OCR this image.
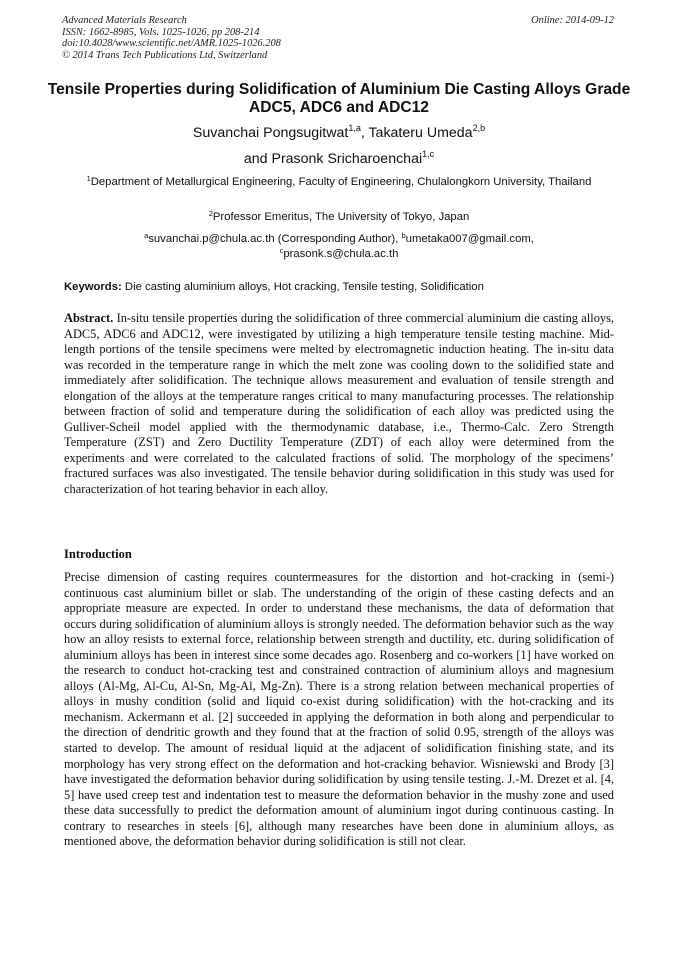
Advanced Materials Research
ISSN: 1662-8985, Vols. 1025-1026, pp 208-214
doi:10.4028/www.scientific.net/AMR.1025-1026.208
© 2014 Trans Tech Publications Ltd, Switzerland
Online: 2014-09-12
Tensile Properties during Solidification of Aluminium Die Casting Alloys Grade ADC5, ADC6 and ADC12
Suvanchai Pongsugitwat$^{1,a}$, Takateru Umeda$^{2,b}$
and Prasonk Sricharoenchai$^{1,c}$
$^1$Department of Metallurgical Engineering, Faculty of Engineering, Chulalongkorn University, Thailand
$^2$Professor Emeritus, The University of Tokyo, Japan
$^a$suvanchai.p@chula.ac.th (Corresponding Author), $^b$umetaka007@gmail.com,
$^c$prasonk.s@chula.ac.th
Keywords: Die casting aluminium alloys, Hot cracking, Tensile testing, Solidification

Abstract. In-situ tensile properties during the solidification of three commercial aluminium die casting alloys, ADC5, ADC6 and ADC12, were investigated by utilizing a high temperature tensile testing machine. Mid-length portions of the tensile specimens were melted by electromagnetic induction heating. The in-situ data was recorded in the temperature range in which the melt zone was cooling down to the solidified state and immediately after solidification. The technique allows measurement and evaluation of tensile strength and elongation of the alloys at the temperature ranges critical to many manufacturing processes. The relationship between fraction of solid and temperature during the solidification of each alloy was predicted using the Gulliver-Scheil model applied with the thermodynamic database, i.e., Thermo-Calc. Zero Strength Temperature (ZST) and Zero Ductility Temperature (ZDT) of each alloy were determined from the experiments and were correlated to the calculated fractions of solid. The morphology of the specimens’ fractured surfaces was also investigated. The tensile behavior during solidification in this study was used for characterization of hot tearing behavior in each alloy.

Introduction

Precise dimension of casting requires countermeasures for the distortion and hot-cracking in (semi-) continuous cast aluminium billet or slab. The understanding of the origin of these casting defects and an appropriate measure are expected. In order to understand these mechanisms, the data of deformation that occurs during solidification of aluminium alloys is strongly needed. The deformation behavior such as the way how an alloy resists to external force, relationship between strength and ductility, etc. during solidification of aluminium alloys has been in interest since some decades ago. Rosenberg and co-workers [1] have worked on the research to conduct hot-cracking test and constrained contraction of aluminium alloys and magnesium alloys (Al-Mg, Al-Cu, Al-Sn, Mg-Al, Mg-Zn). There is a strong relation between mechanical properties of alloys in mushy condition (solid and liquid co-exist during solidification) with the hot-cracking and its mechanism. Ackermann et al. [2] succeeded in applying the deformation in both along and perpendicular to the direction of dendritic growth and they found that at the fraction of solid 0.95, strength of the alloys was started to develop. The amount of residual liquid at the adjacent of solidification finishing state, and its morphology has very strong effect on the deformation and hot-cracking behavior. Wisniewski and Brody [3] have investigated the deformation behavior during solidification by using tensile testing. J.-M. Drezet et al. [4, 5] have used creep test and indentation test to measure the deformation behavior in the mushy zone and used these data successfully to predict the deformation amount of aluminium ingot during continuous casting. In contrary to researches in steels [6], although many researches have been done in aluminium alloys, as mentioned above, the deformation behavior during solidification is still not clear.
